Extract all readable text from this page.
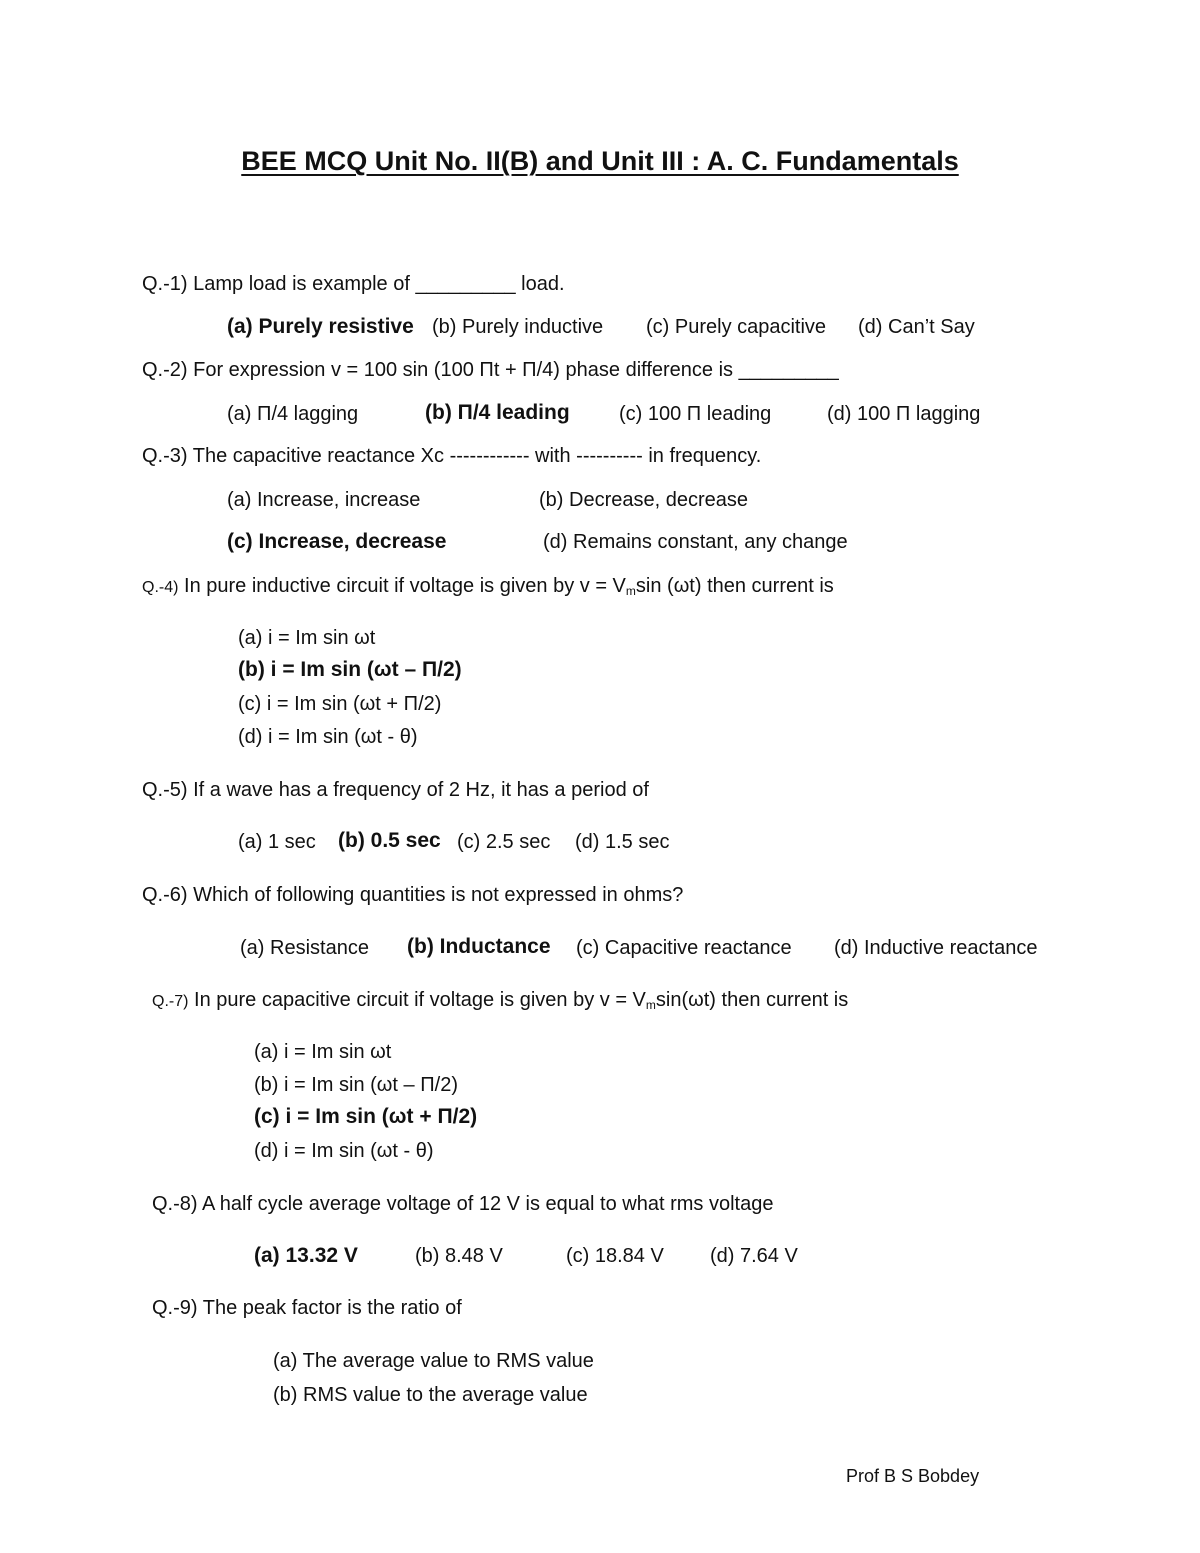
BEE MCQ Unit No. II(B) and Unit III : A. C. Fundamentals
Q.-1) Lamp load is example of _________ load.
(a) Purely resistive (b) Purely inductive (c) Purely capacitive (d) Can’t Say
Q.-2) For expression v = 100 sin (100 Πt + Π/4) phase difference is _________
(a) Π/4 lagging	(b) Π/4 leading (c) 100 Π leading	(d) 100 Π lagging
Q.-3) The capacitive reactance Xc ------------ with ---------- in frequency.
(a) Increase, increase	(b) Decrease, decrease
(c) Increase, decrease	(d) Remains constant, any change
Q.-4) In pure inductive circuit if voltage is given by $v = V_m\sin$ (ωt) then current is
(a) i = Im sin ωt
(b) i = Im sin (ωt – Π/2)
(c) i = Im sin (ωt + Π/2)
(d) i = Im sin (ωt - θ)
Q.-5) If a wave has a frequency of 2 Hz, it has a period of
(a) 1 sec (b) 0.5 sec (c) 2.5 sec (d) 1.5 sec
Q.-6) Which of following quantities is not expressed in ohms?
(a) Resistance (b) Inductance (c) Capacitive reactance (d) Inductive reactance
Q.-7) In pure capacitive circuit if voltage is given by $v = V_m\sin(\omega t)$ then current is
(a) i = Im sin ωt
(b) i = Im sin (ωt – Π/2)
(c) i = Im sin (ωt + Π/2)
(d) i = Im sin (ωt - θ)
Q.-8) A half cycle average voltage of 12 V is equal to what rms voltage
(a) 13.32 V	(b) 8.48 V	(c) 18.84 V (d) 7.64 V
Q.-9) The peak factor is the ratio of
(a) The average value to RMS value
(b) RMS value to the average value
Prof B S Bobdey
